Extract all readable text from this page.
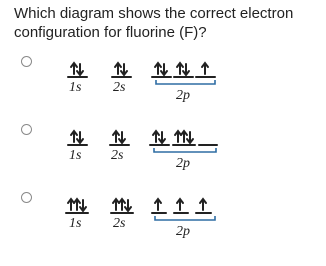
Which diagram shows the correct electron
configuration for fluorine (F)?
1s 2s
2p
1s 2s
2p
1s 2s
2p
